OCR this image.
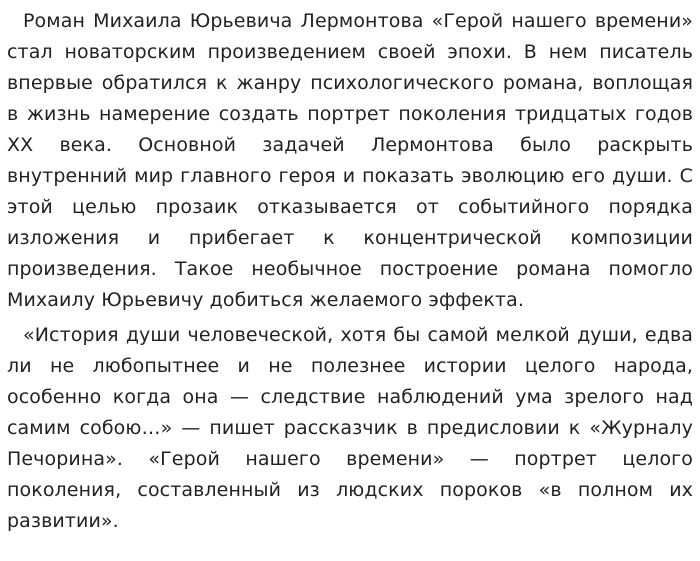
Роман Михаила Юрьевича Лермонтова «Герой нашего времени» стал новаторским произведением своей эпохи. В нем писатель впервые обратился к жанру психологического романа, воплощая в жизнь намерение создать портрет поколения тридцатых годов XX века. Основной задачей Лермонтова было раскрыть внутренний мир главного героя и показать эволюцию его души. С этой целью прозаик отказывается от событийного порядка изложения и прибегает к концентрической композиции произведения. Такое необычное построение романа помогло Михаилу Юрьевичу добиться желаемого эффекта.

«История души человеческой, хотя бы самой мелкой души, едва ли не любопытнее и не полезнее истории целого народа, особенно когда она — следствие наблюдений ума зрелого над самим собою…» — пишет рассказчик в предисловии к «Журналу Печорина». «Герой нашего времени» — портрет целого поколения, составленный из людских пороков «в полном их развитии».
